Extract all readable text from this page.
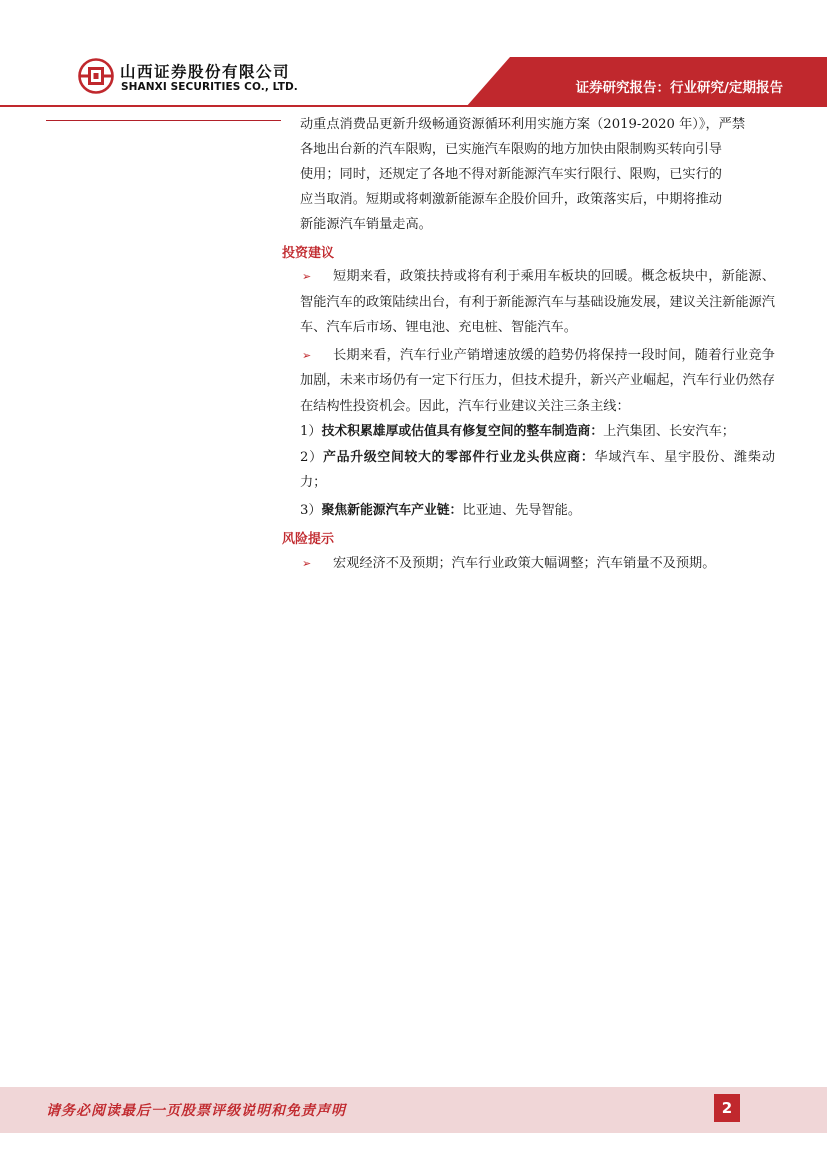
山西证券股份有限公司
SHANXI SECURITIES CO., LTD.	证券研究报告：行业研究/定期报告

动重点消费品更新升级畅通资源循环利用实施方案（2019-2020 年）》，严禁

各地出台新的汽车限购，已实施汽车限购的地方加快由限制购买转向引导

使用；同时，还规定了各地不得对新能源汽车实行限行、限购，已实行的

应当取消。短期或将刺激新能源车企股价回升，政策落实后，中期将推动

新能源汽车销量走高。

投资建议

➢ 短期来看，政策扶持或将有利于乘用车板块的回暖。概念板块中，新能源、智能汽车的政策陆续出台，有利于新能源汽车与基础设施发展，建议关注新能源汽车、汽车后市场、锂电池、充电桩、智能汽车。

➢ 长期来看，汽车行业产销增速放缓的趋势仍将保持一段时间，随着行业竞争加剧，未来市场仍有一定下行压力，但技术提升，新兴产业崛起，汽车行业仍然存在结构性投资机会。因此，汽车行业建议关注三条主线：

1）技术积累雄厚或估值具有修复空间的整车制造商：上汽集团、长安汽车；

2）产品升级空间较大的零部件行业龙头供应商：华域汽车、星宇股份、潍柴动力；

3）聚焦新能源汽车产业链：比亚迪、先导智能。

风险提示

➢ 宏观经济不及预期；汽车行业政策大幅调整；汽车销量不及预期。

请务必阅读最后一页股票评级说明和免责声明	2
